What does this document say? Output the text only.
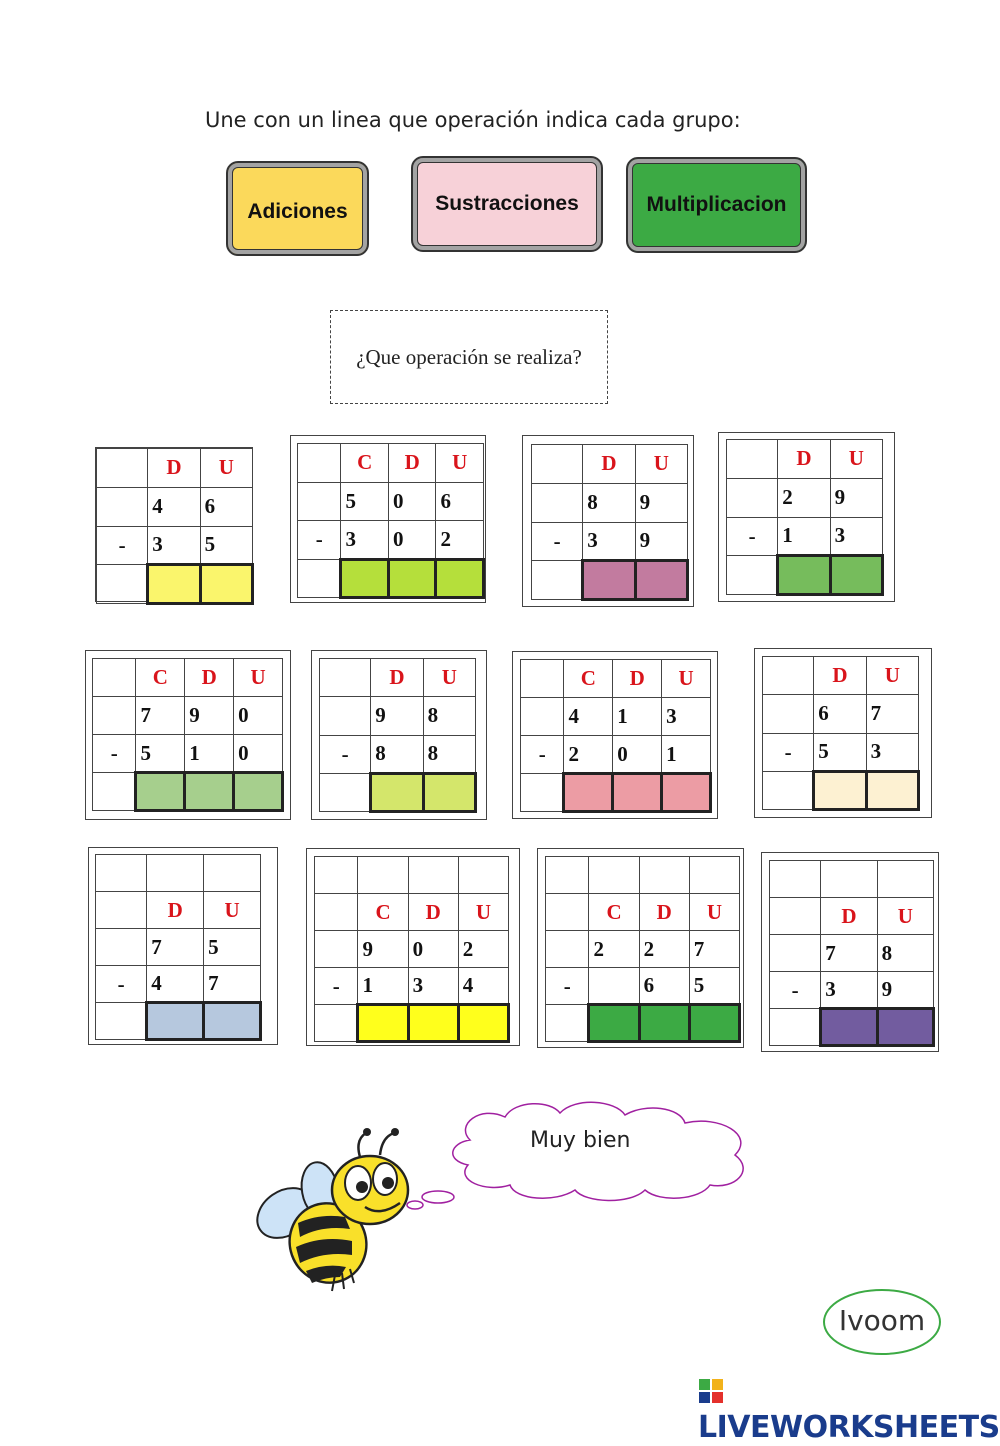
Une con un linea que operación indica cada grupo:
Adiciones	Sustracciones	Multiplicacion
¿Que operación se realiza?
	D	U
	4	6
-	3	5

	C	D	U
	5	0	6
-	3	0	2

	D	U
	8	9
-	3	9

	D	U
	2	9
-	1	3

	C	D	U
	7	9	0
-	5	1	0

	D	U
	9	8
-	8	8

	C	D	U
	4	1	3
-	2	0	1

	D	U
	6	7
-	5	3

	D	U
	7	5
-	4	7

	C	D	U
	9	0	2
-	1	3	4

	C	D	U
	2	2	7
-		6	5

	D	U
	7	8
-	3	9

Muy bien
Ivoom
LIVEWORKSHEETS
